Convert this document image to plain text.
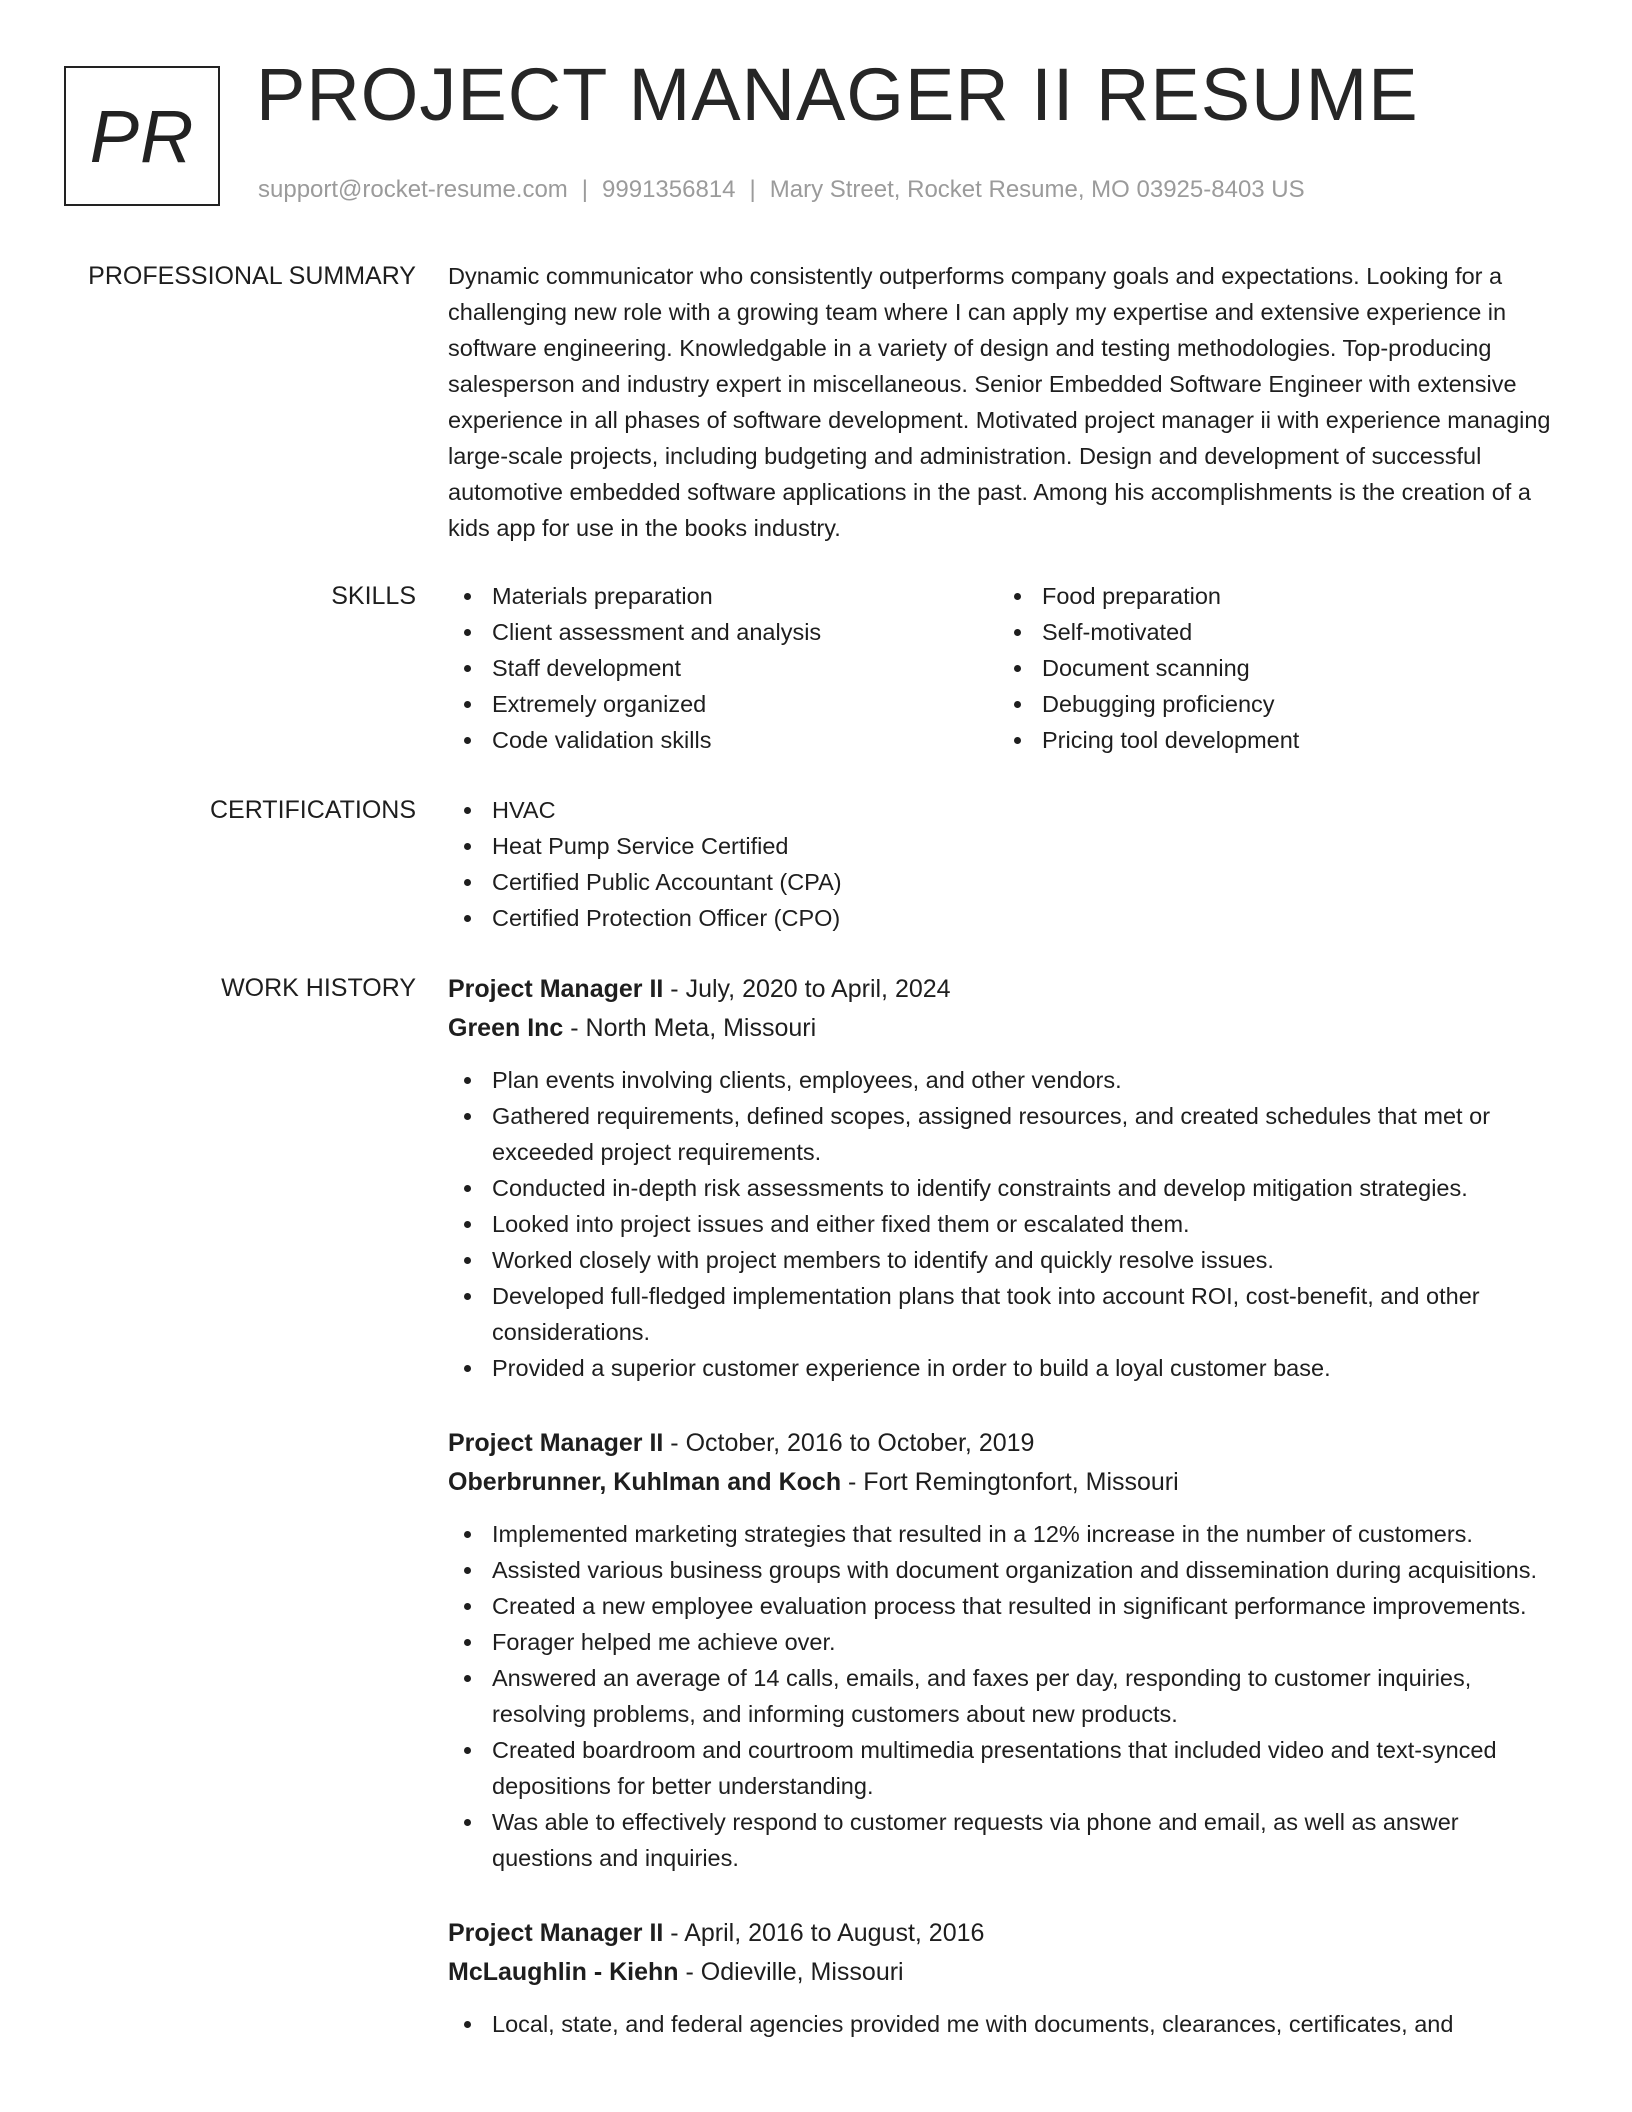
PR PROJECT MANAGER II RESUME
support@rocket-resume.com | 9991356814 | Mary Street, Rocket Resume, MO 03925-8403 US
PROFESSIONAL SUMMARY Dynamic communicator who consistently outperforms company goals and expectations. Looking for a challenging new role with a growing team where I can apply my expertise and extensive experience in software engineering. Knowledgable in a variety of design and testing methodologies. Top-producing salesperson and industry expert in miscellaneous. Senior Embedded Software Engineer with extensive experience in all phases of software development. Motivated project manager ii with experience managing large-scale projects, including budgeting and administration. Design and development of successful automotive embedded software applications in the past. Among his accomplishments is the creation of a kids app for use in the books industry.

SKILLS	Materials preparation
Client assessment and analysis
Staff development
Extremely organized
Code validation skills
Food preparation
Self-motivated
Document scanning
Debugging proficiency
Pricing tool development
CERTIFICATIONS	HVAC
Heat Pump Service Certified
Certified Public Accountant (CPA)
Certified Protection Officer (CPO)
WORK HISTORY Project Manager II - July, 2020 to April, 2024
Green Inc - North Meta, Missouri
Plan events involving clients, employees, and other vendors.
Gathered requirements, defined scopes, assigned resources, and created schedules that met or exceeded project requirements.
Conducted in-depth risk assessments to identify constraints and develop mitigation strategies.
Looked into project issues and either fixed them or escalated them.
Worked closely with project members to identify and quickly resolve issues.
Developed full-fledged implementation plans that took into account ROI, cost-benefit, and other considerations.
Provided a superior customer experience in order to build a loyal customer base.
Project Manager II - October, 2016 to October, 2019
Oberbrunner, Kuhlman and Koch - Fort Remingtonfort, Missouri
Implemented marketing strategies that resulted in a 12% increase in the number of customers.
Assisted various business groups with document organization and dissemination during acquisitions.
Created a new employee evaluation process that resulted in significant performance improvements.
Forager helped me achieve over.
Answered an average of 14 calls, emails, and faxes per day, responding to customer inquiries, resolving problems, and informing customers about new products.
Created boardroom and courtroom multimedia presentations that included video and text-synced depositions for better understanding.
Was able to effectively respond to customer requests via phone and email, as well as answer questions and inquiries.
Project Manager II - April, 2016 to August, 2016
McLaughlin - Kiehn - Odieville, Missouri
Local, state, and federal agencies provided me with documents, clearances, certificates, and
